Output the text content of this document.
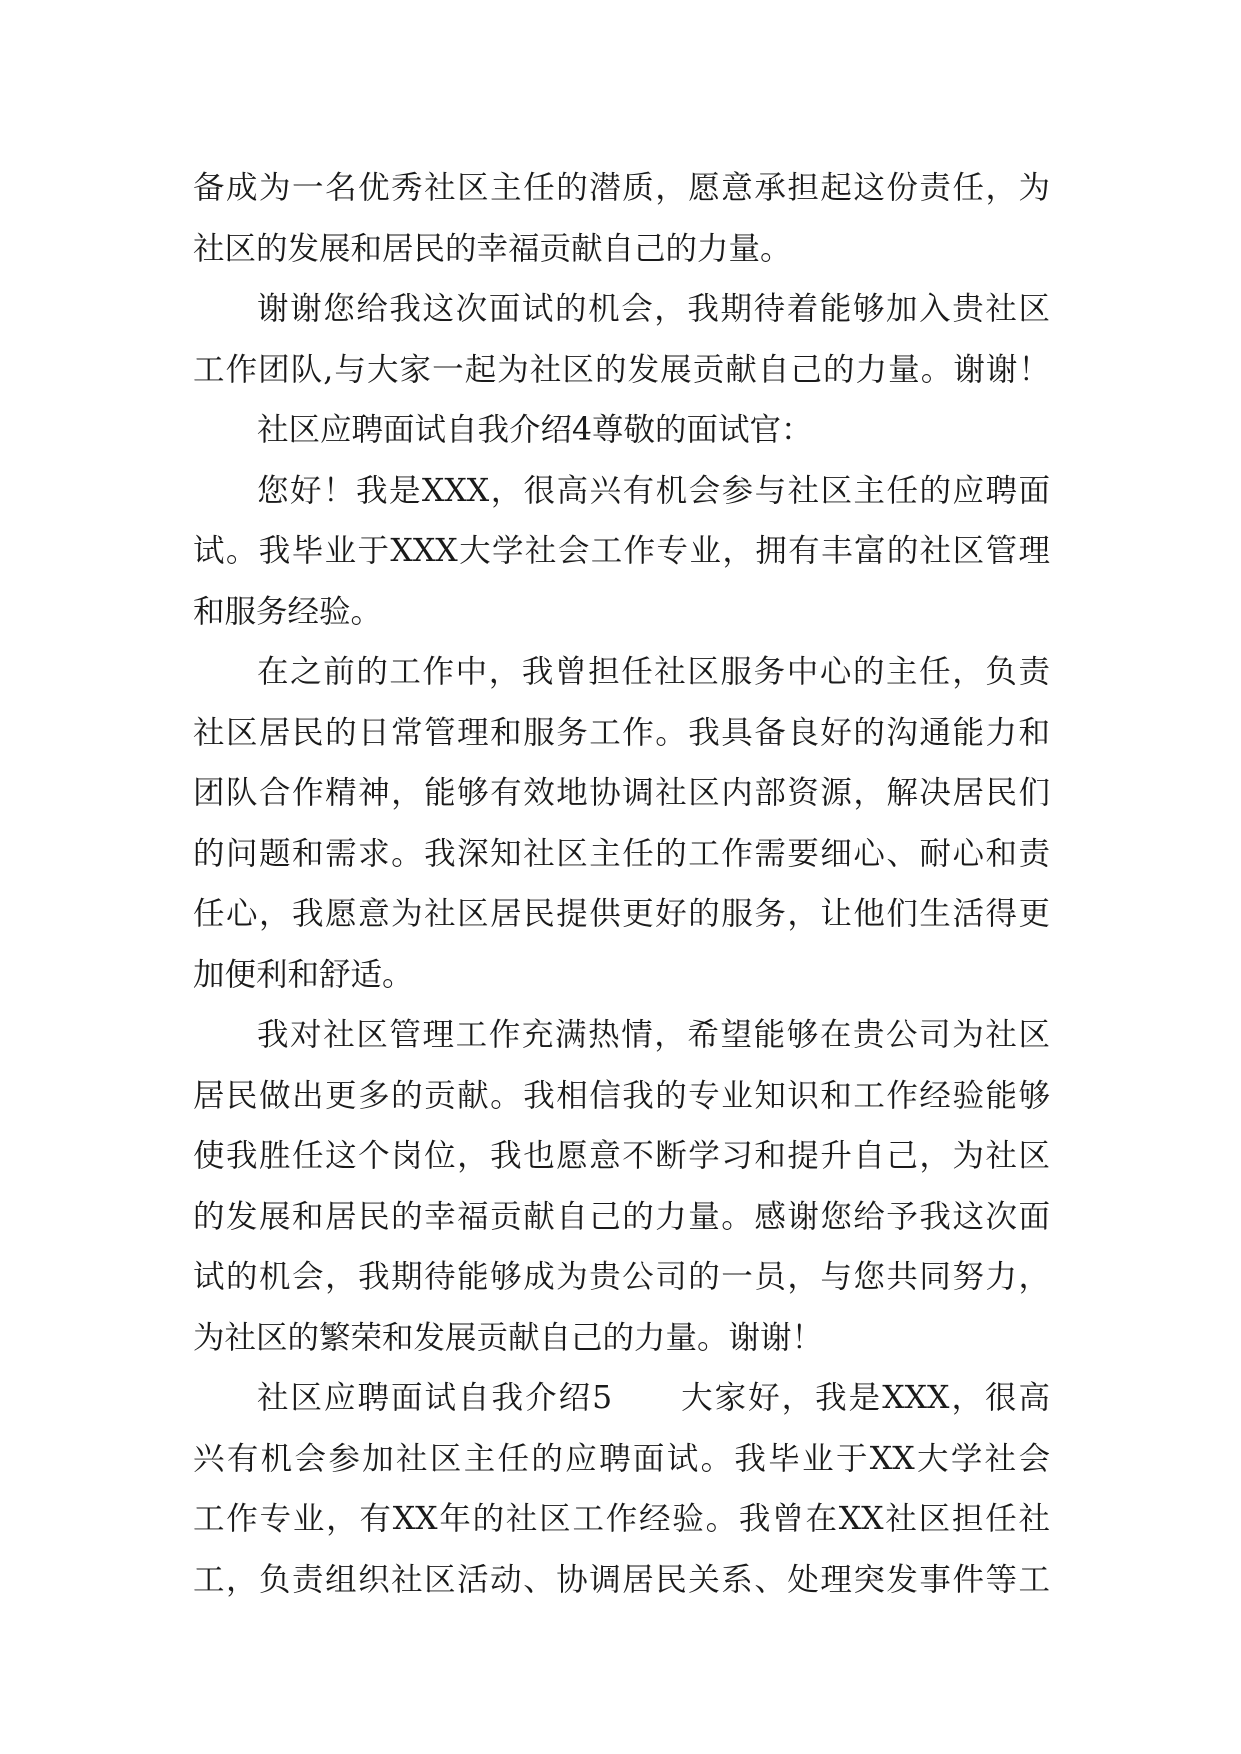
备成为一名优秀社区主任的潜质，愿意承担起这份责任，为
社区的发展和居民的幸福贡献自己的力量。
谢谢您给我这次面试的机会，我期待着能够加入贵社区
工作团队,与大家一起为社区的发展贡献自己的力量。谢谢！
社区应聘面试自我介绍4尊敬的面试官：
您好！我是XXX，很高兴有机会参与社区主任的应聘面
试。我毕业于XXX大学社会工作专业，拥有丰富的社区管理
和服务经验。
在之前的工作中，我曾担任社区服务中心的主任，负责
社区居民的日常管理和服务工作。我具备良好的沟通能力和
团队合作精神，能够有效地协调社区内部资源，解决居民们
的问题和需求。我深知社区主任的工作需要细心、耐心和责
任心，我愿意为社区居民提供更好的服务，让他们生活得更
加便利和舒适。
我对社区管理工作充满热情，希望能够在贵公司为社区
居民做出更多的贡献。我相信我的专业知识和工作经验能够
使我胜任这个岗位，我也愿意不断学习和提升自己，为社区
的发展和居民的幸福贡献自己的力量。感谢您给予我这次面
试的机会，我期待能够成为贵公司的一员，与您共同努力，
为社区的繁荣和发展贡献自己的力量。谢谢！
社区应聘面试自我介绍5　　大家好，我是XXX，很高
兴有机会参加社区主任的应聘面试。我毕业于XX大学社会
工作专业，有XX年的社区工作经验。我曾在XX社区担任社
工，负责组织社区活动、协调居民关系、处理突发事件等工
